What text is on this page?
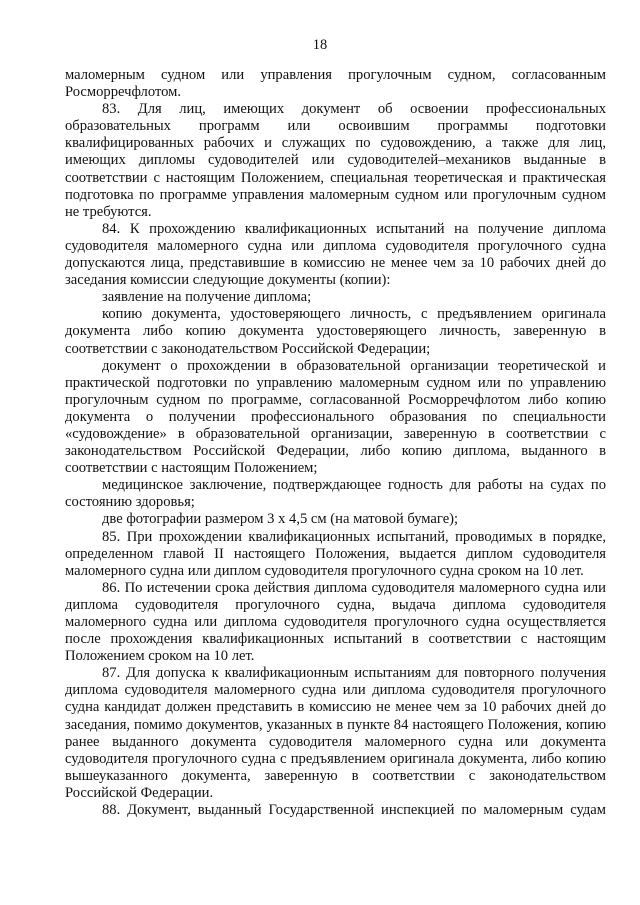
18

маломерным судном или управления прогулочным судном, согласованным Росморречфлотом.

83. Для лиц, имеющих документ об освоении профессиональных образовательных программ или освоившим программы подготовки квалифицированных рабочих и служащих по судовождению, а также для лиц, имеющих дипломы судоводителей или судоводителей–механиков выданные в соответствии с настоящим Положением, специальная теоретическая и практическая подготовка по программе управления маломерным судном или прогулочным судном не требуются.

84. К прохождению квалификационных испытаний на получение диплома судоводителя маломерного судна или диплома судоводителя прогулочного судна допускаются лица, представившие в комиссию не менее чем за 10 рабочих дней до заседания комиссии следующие документы (копии):

заявление на получение диплома;

копию документа, удостоверяющего личность, с предъявлением оригинала документа либо копию документа удостоверяющего личность, заверенную в соответствии с законодательством Российской Федерации;

документ о прохождении в образовательной организации теоретической и практической подготовки по управлению маломерным судном или по управлению прогулочным судном по программе, согласованной Росморречфлотом либо копию документа о получении профессионального образования по специальности «судовождение» в образовательной организации, заверенную в соответствии с законодательством Российской Федерации, либо копию диплома, выданного в соответствии с настоящим Положением;

медицинское заключение, подтверждающее годность для работы на судах по состоянию здоровья;

две фотографии размером 3 х 4,5 см (на матовой бумаге);

85. При прохождении квалификационных испытаний, проводимых в порядке, определенном главой II настоящего Положения, выдается диплом судоводителя маломерного судна или диплом судоводителя прогулочного судна сроком на 10 лет.

86. По истечении срока действия диплома судоводителя маломерного судна или диплома судоводителя прогулочного судна, выдача диплома судоводителя маломерного судна или диплома судоводителя прогулочного судна осуществляется после прохождения квалификационных испытаний в соответствии с настоящим Положением сроком на 10 лет.

87. Для допуска к квалификационным испытаниям для повторного получения диплома судоводителя маломерного судна или диплома судоводителя прогулочного судна кандидат должен представить в комиссию не менее чем за 10 рабочих дней до заседания, помимо документов, указанных в пункте 84 настоящего Положения, копию ранее выданного документа судоводителя маломерного судна или документа судоводителя прогулочного судна с предъявлением оригинала документа, либо копию вышеуказанного документа, заверенную в соответствии с законодательством Российской Федерации.

88. Документ, выданный Государственной инспекцией по маломерным судам
